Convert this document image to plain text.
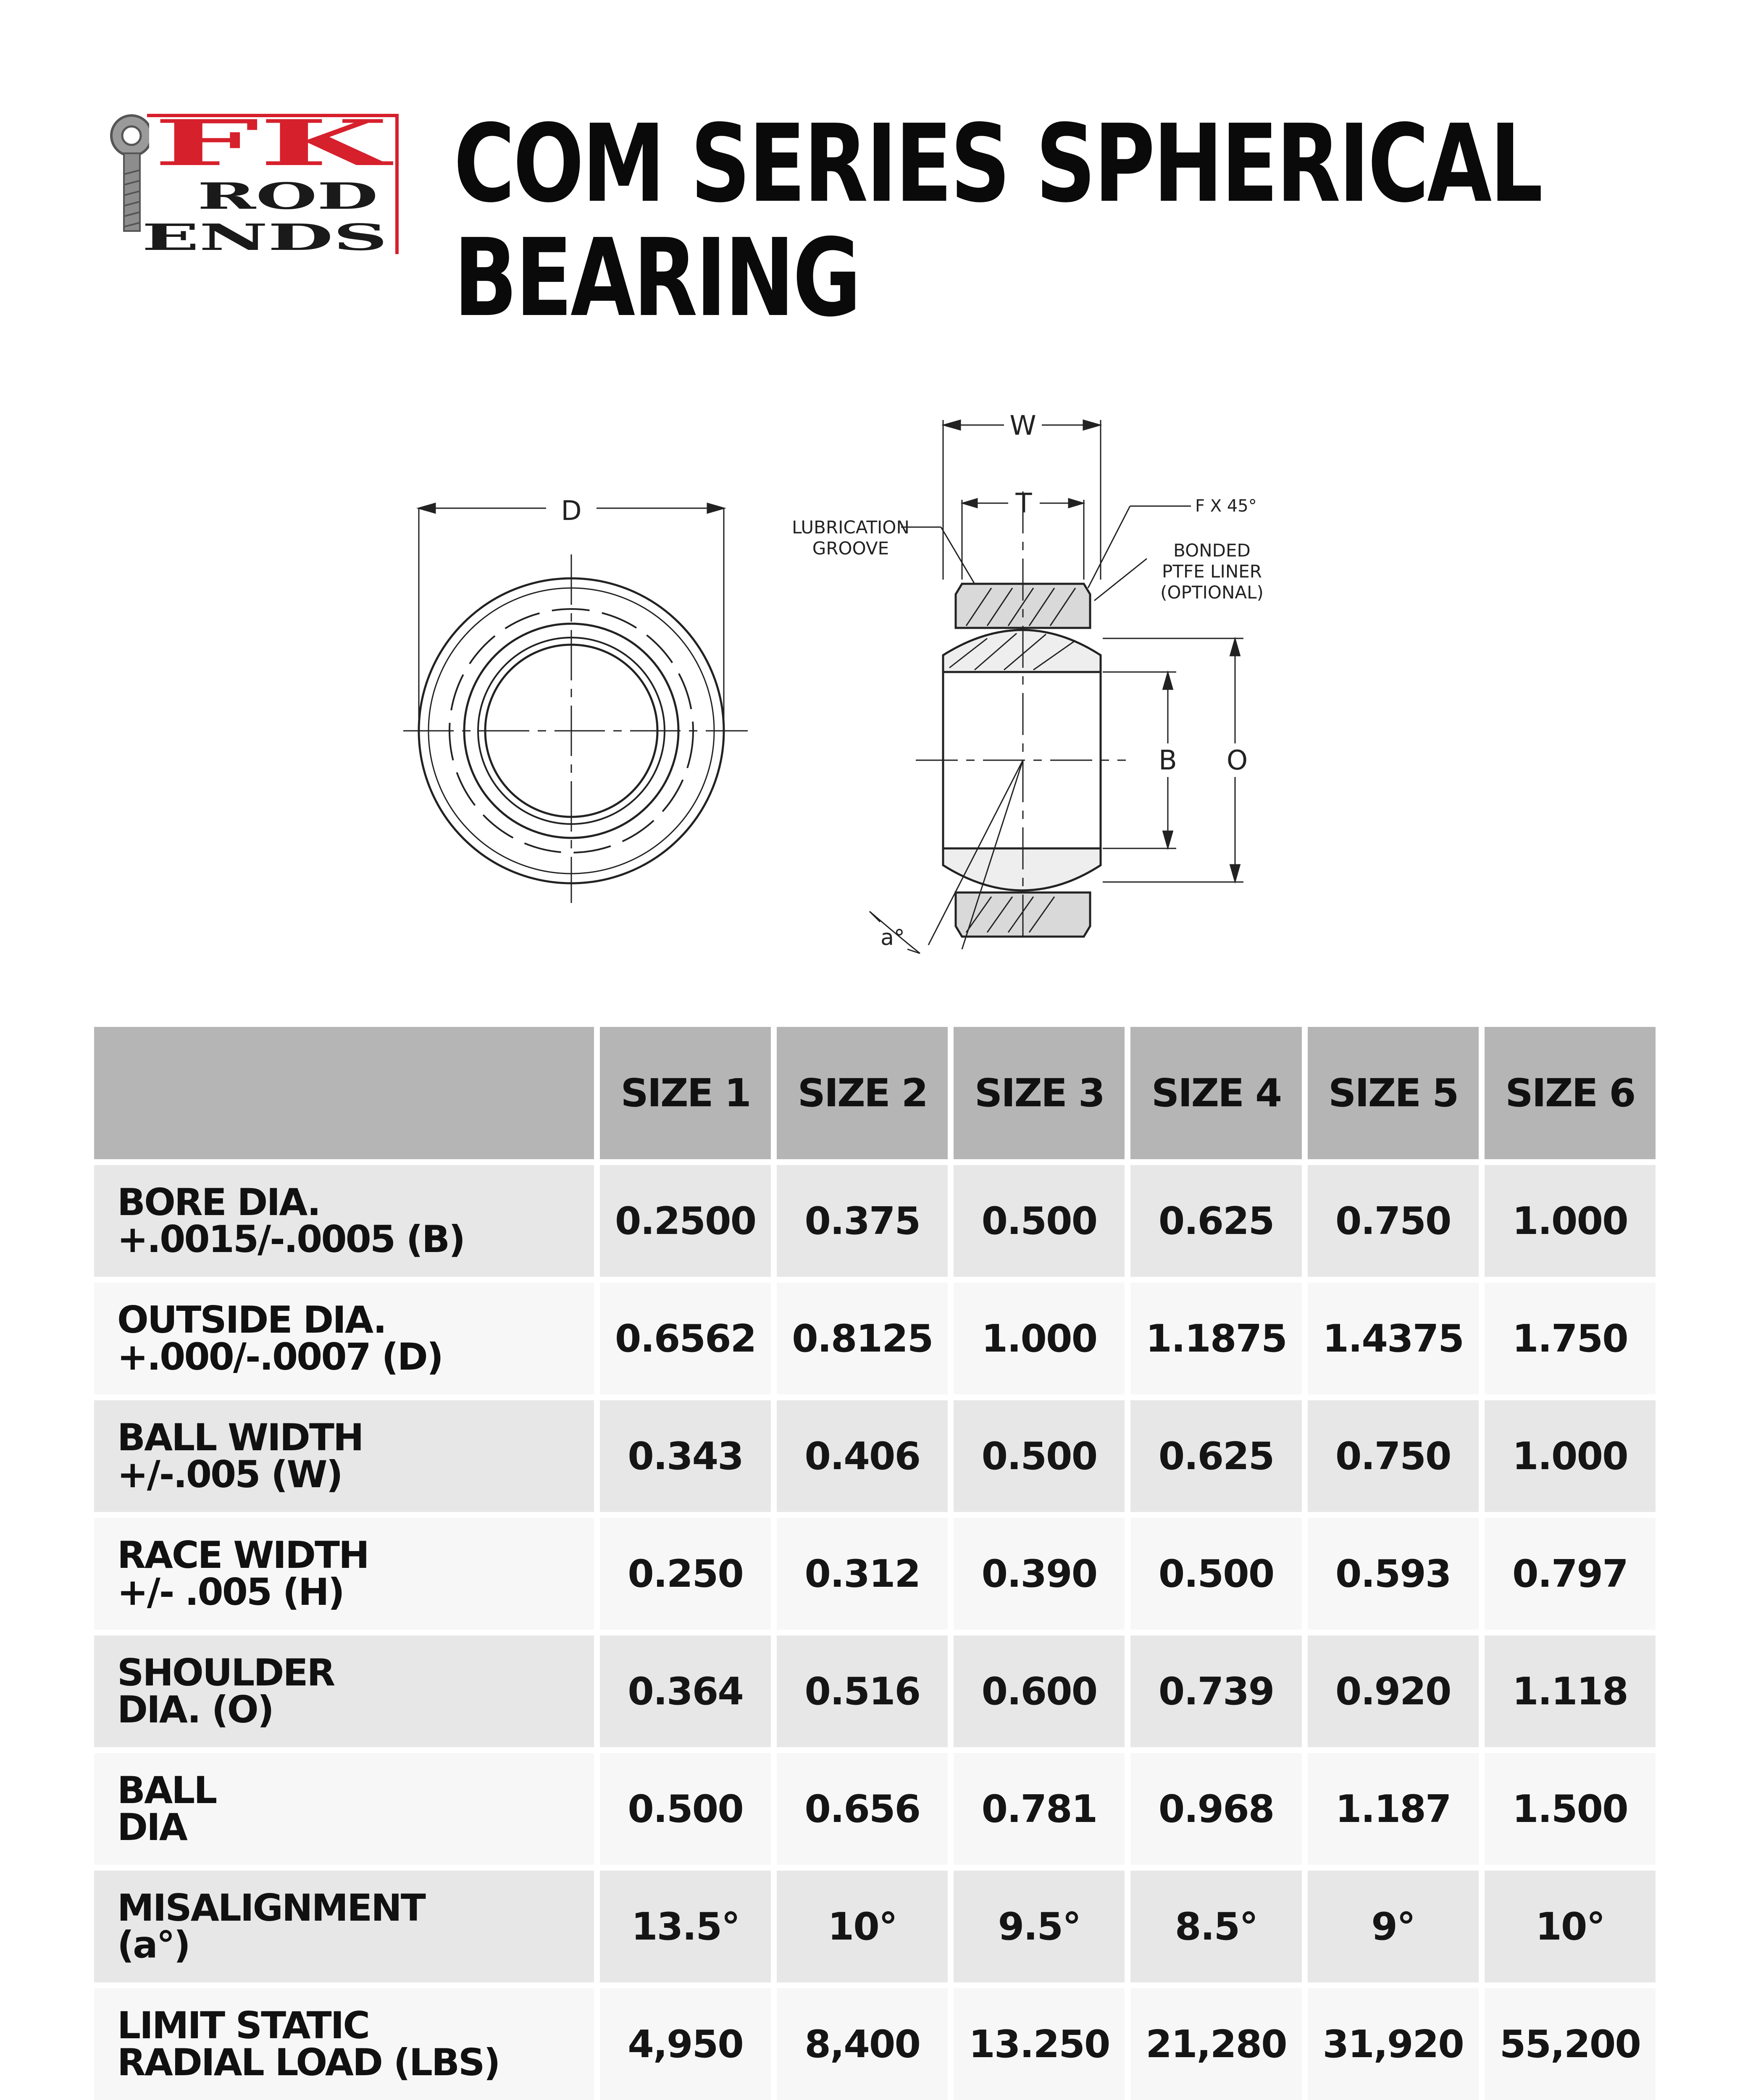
FK
ROD
ENDS
COM SERIES SPHERICAL
BEARING
D
W
T	F X 45°
LUBRICATION
GROOVE	BONDED
PTFE LINER
(OPTIONAL)
B O
a°
	SIZE 1	SIZE 2	SIZE 3	SIZE 4	SIZE 5	SIZE 6

BORE DIA.
+.0015/-.0005 (B)	0.2500	0.375	0.500	0.625	0.750	1.000

OUTSIDE DIA.
+.000/-.0007 (D)	0.6562	0.8125	1.000	1.1875	1.4375	1.750

BALL WIDTH
+/-.005 (W)	0.343	0.406	0.500	0.625	0.750	1.000

RACE WIDTH
+/- .005 (H)	0.250	0.312	0.390	0.500	0.593	0.797

SHOULDER
DIA. (O)	0.364	0.516	0.600	0.739	0.920	1.118

BALL
DIA	0.500	0.656	0.781	0.968	1.187	1.500

MISALIGNMENT
(a°)	13.5°	10°	9.5°	8.5°	9°	10°

LIMIT STATIC
RADIAL LOAD (LBS)	4,950	8,400	13.250	21,280	31,920	55,200
